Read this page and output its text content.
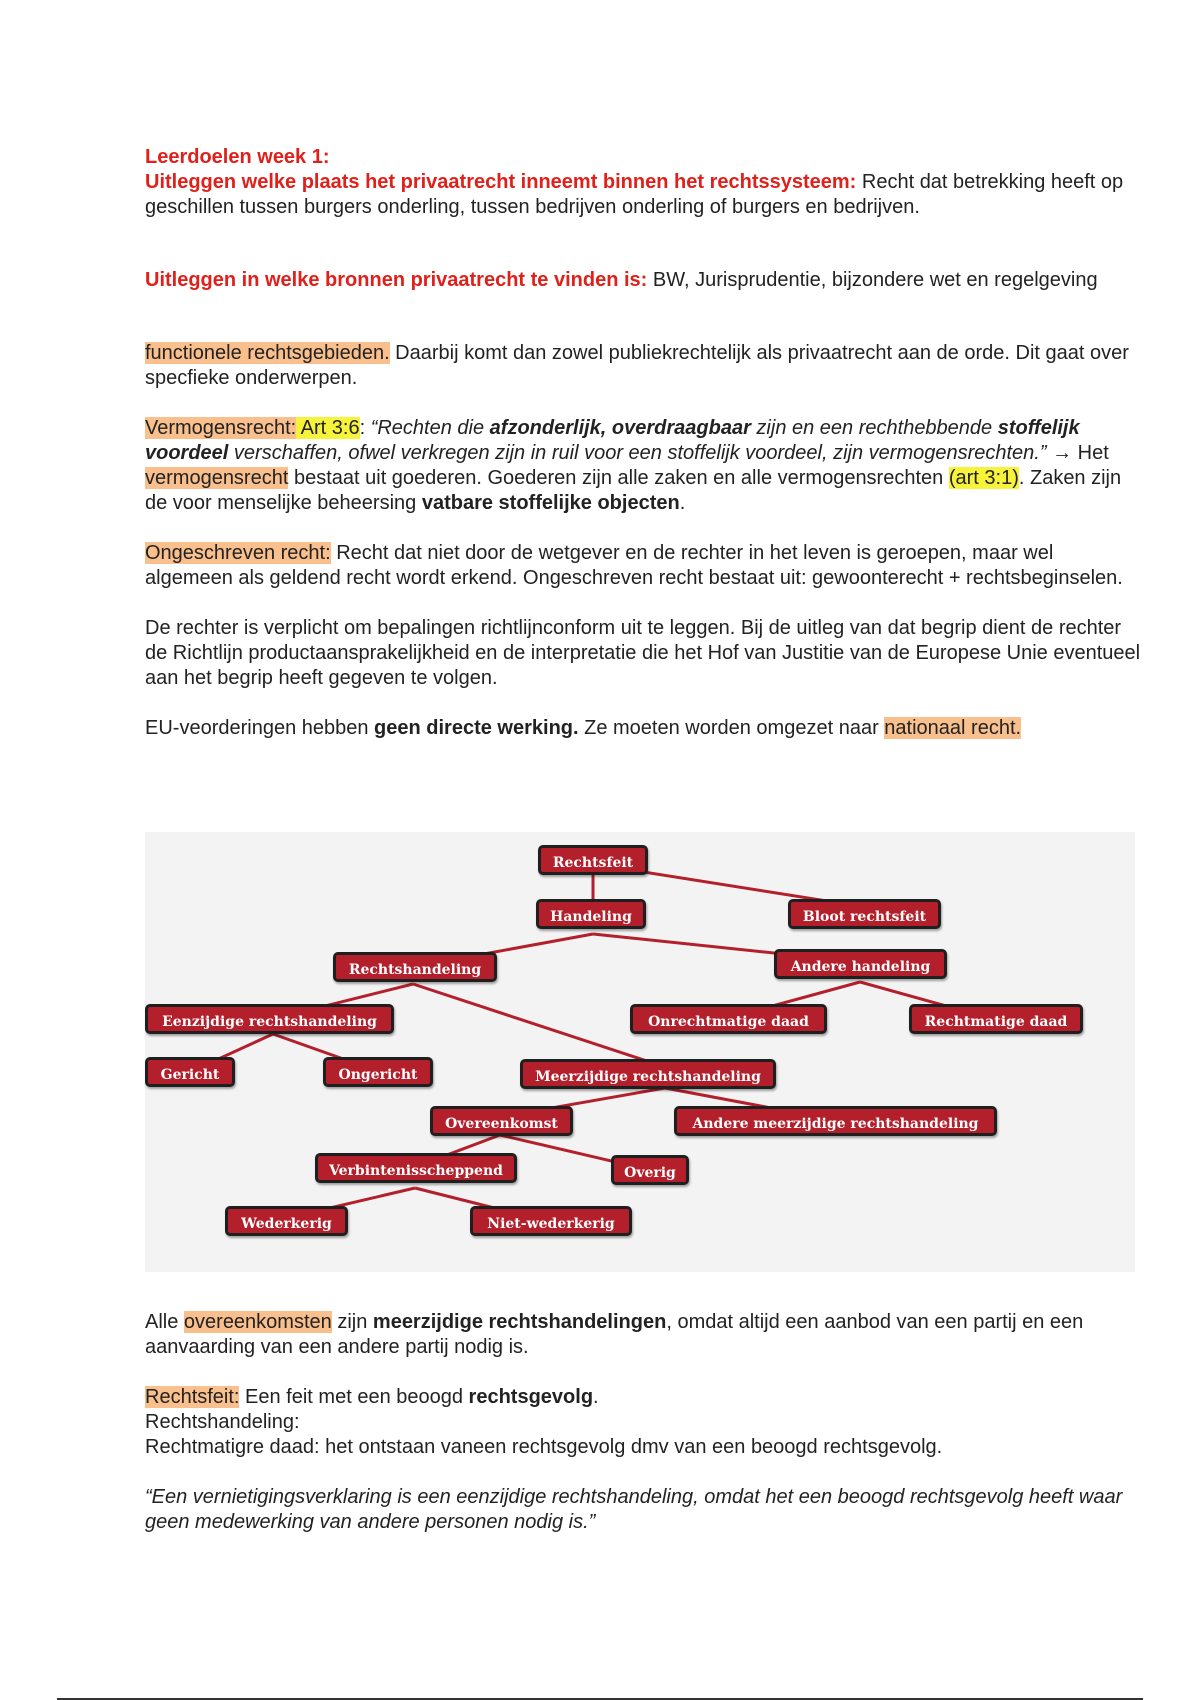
Leerdoelen week 1:

Uitleggen welke plaats het privaatrecht inneemt binnen het rechtssysteem: Recht dat betrekking heeft op geschillen tussen burgers onderling, tussen bedrijven onderling of burgers en bedrijven.

Uitleggen in welke bronnen privaatrecht te vinden is: BW, Jurisprudentie, bijzondere wet en regelgeving

functionele rechtsgebieden. Daarbij komt dan zowel publiekrechtelijk als privaatrecht aan de orde. Dit gaat over specfieke onderwerpen.

Vermogensrecht: Art 3:6: “Rechten die afzonderlijk, overdraagbaar zijn en een rechthebbende stoffelijk voordeel verschaffen, ofwel verkregen zijn in ruil voor een stoffelijk voordeel, zijn vermogensrechten.” → Het vermogensrecht bestaat uit goederen. Goederen zijn alle zaken en alle vermogensrechten (art 3:1). Zaken zijn de voor menselijke beheersing vatbare stoffelijke objecten.

Ongeschreven recht: Recht dat niet door de wetgever en de rechter in het leven is geroepen, maar wel algemeen als geldend recht wordt erkend. Ongeschreven recht bestaat uit: gewoonterecht + rechtsbeginselen.

De rechter is verplicht om bepalingen richtlijnconform uit te leggen. Bij de uitleg van dat begrip dient de rechter de Richtlijn productaansprakelijkheid en de interpretatie die het Hof van Justitie van de Europese Unie eventueel aan het begrip heeft gegeven te volgen.

EU-veorderingen hebben geen directe werking. Ze moeten worden omgezet naar nationaal recht.

Rechtsfeit
Handeling	Bloot rechtsfeit
Rechtshandeling	Andere handeling
Eenzijdige rechtshandeling	Onrechtmatige daad	Rechtmatige daad
Gericht	Ongericht	Meerzijdige rechtshandeling
Overeenkomst	Andere meerzijdige rechtshandeling
Verbintenisscheppend	Overig
Wederkerig	Niet-wederkerig

Alle overeenkomsten zijn meerzijdige rechtshandelingen, omdat altijd een aanbod van een partij en een aanvaarding van een andere partij nodig is.

Rechtsfeit: Een feit met een beoogd rechtsgevolg.

Rechtshandeling:

Rechtmatigre daad: het ontstaan vaneen rechtsgevolg dmv van een beoogd rechtsgevolg.

“Een vernietigingsverklaring is een eenzijdige rechtshandeling, omdat het een beoogd rechtsgevolg heeft waar geen medewerking van andere personen nodig is.”
